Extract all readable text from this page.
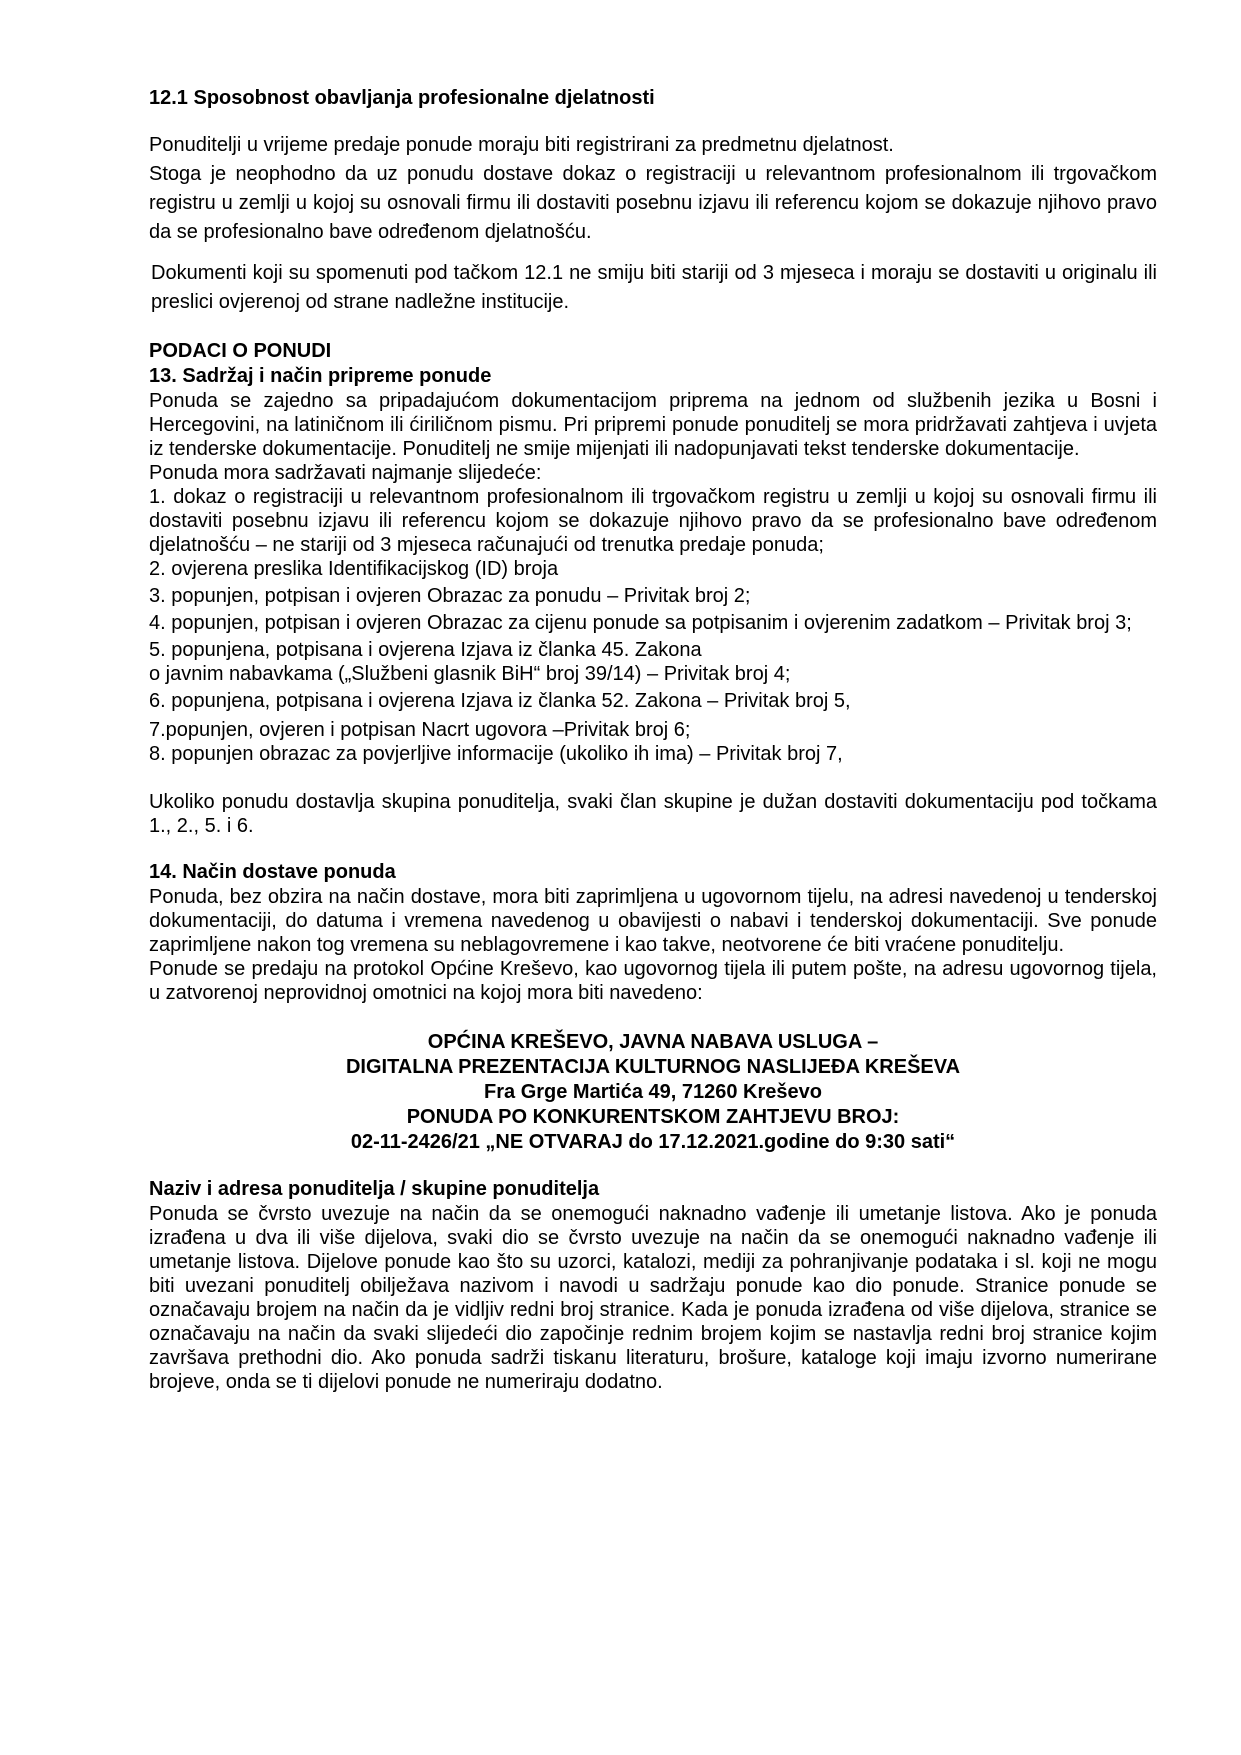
12.1 Sposobnost obavljanja profesionalne djelatnosti

Ponuditelji u vrijeme predaje ponude moraju biti registrirani za predmetnu djelatnost.
Stoga je neophodno da uz ponudu dostave dokaz o registraciji u relevantnom profesionalnom ili trgovačkom registru u zemlji u kojoj su osnovali firmu ili dostaviti posebnu izjavu ili referencu kojom se dokazuje njihovo pravo da se profesionalno bave određenom djelatnošću.

Dokumenti koji su spomenuti pod tačkom 12.1 ne smiju biti stariji od 3 mjeseca i moraju se dostaviti u originalu ili preslici ovjerenoj od strane nadležne institucije.

PODACI O PONUDI

13. Sadržaj i način pripreme ponude

Ponuda se zajedno sa pripadajućom dokumentacijom priprema na jednom od službenih jezika u Bosni i Hercegovini, na latiničnom ili ćiriličnom pismu. Pri pripremi ponude ponuditelj se mora pridržavati zahtjeva i uvjeta iz tenderske dokumentacije. Ponuditelj ne smije mijenjati ili nadopunjavati tekst tenderske dokumentacije.

Ponuda mora sadržavati najmanje slijedeće:

1. dokaz o registraciji u relevantnom profesionalnom ili trgovačkom registru u zemlji u kojoj su osnovali firmu ili dostaviti posebnu izjavu ili referencu kojom se dokazuje njihovo pravo da se profesionalno bave određenom djelatnošću – ne stariji od 3 mjeseca računajući od trenutka predaje ponuda;

2. ovjerena preslika Identifikacijskog (ID) broja

3. popunjen, potpisan i ovjeren Obrazac za ponudu – Privitak broj 2;

4. popunjen, potpisan i ovjeren Obrazac za cijenu ponude sa potpisanim i ovjerenim zadatkom – Privitak broj 3;

5. popunjena, potpisana i ovjerena Izjava iz članka 45. Zakona

o javnim nabavkama („Službeni glasnik BiH“ broj 39/14) – Privitak broj 4;

6. popunjena, potpisana i ovjerena Izjava iz članka 52. Zakona – Privitak broj 5,

7.popunjen, ovjeren i potpisan Nacrt ugovora –Privitak broj 6;

8. popunjen obrazac za povjerljive informacije (ukoliko ih ima) – Privitak broj 7,

Ukoliko ponudu dostavlja skupina ponuditelja, svaki član skupine je dužan dostaviti dokumentaciju pod točkama 1., 2., 5. i 6.

14. Način dostave ponuda

Ponuda, bez obzira na način dostave, mora biti zaprimljena u ugovornom tijelu, na adresi navedenoj u tenderskoj dokumentaciji, do datuma i vremena navedenog u obavijesti o nabavi i tenderskoj dokumentaciji. Sve ponude zaprimljene nakon tog vremena su neblagovremene i kao takve, neotvorene će biti vraćene ponuditelju.

Ponude se predaju na protokol Općine Kreševo, kao ugovornog tijela ili putem pošte, na adresu ugovornog tijela, u zatvorenoj neprovidnoj omotnici na kojoj mora biti navedeno:

OPĆINA KREŠEVO, JAVNA NABAVA USLUGA –

DIGITALNA PREZENTACIJA KULTURNOG NASLIJEĐA KREŠEVA

Fra Grge Martića 49, 71260 Kreševo

PONUDA PO KONKURENTSKOM ZAHTJEVU BROJ:

02-11-2426/21 „NE OTVARAJ do 17.12.2021.godine do 9:30 sati“

Naziv i adresa ponuditelja / skupine ponuditelja

Ponuda se čvrsto uvezuje na način da se onemogući naknadno vađenje ili umetanje listova. Ako je ponuda izrađena u dva ili više dijelova, svaki dio se čvrsto uvezuje na način da se onemogući naknadno vađenje ili umetanje listova. Dijelove ponude kao što su uzorci, katalozi, mediji za pohranjivanje podataka i sl. koji ne mogu biti uvezani ponuditelj obilježava nazivom i navodi u sadržaju ponude kao dio ponude. Stranice ponude se označavaju brojem na način da je vidljiv redni broj stranice. Kada je ponuda izrađena od više dijelova, stranice se označavaju na način da svaki slijedeći dio započinje rednim brojem kojim se nastavlja redni broj stranice kojim završava prethodni dio. Ako ponuda sadrži tiskanu literaturu, brošure, kataloge koji imaju izvorno numerirane brojeve, onda se ti dijelovi ponude ne numeriraju dodatno.
